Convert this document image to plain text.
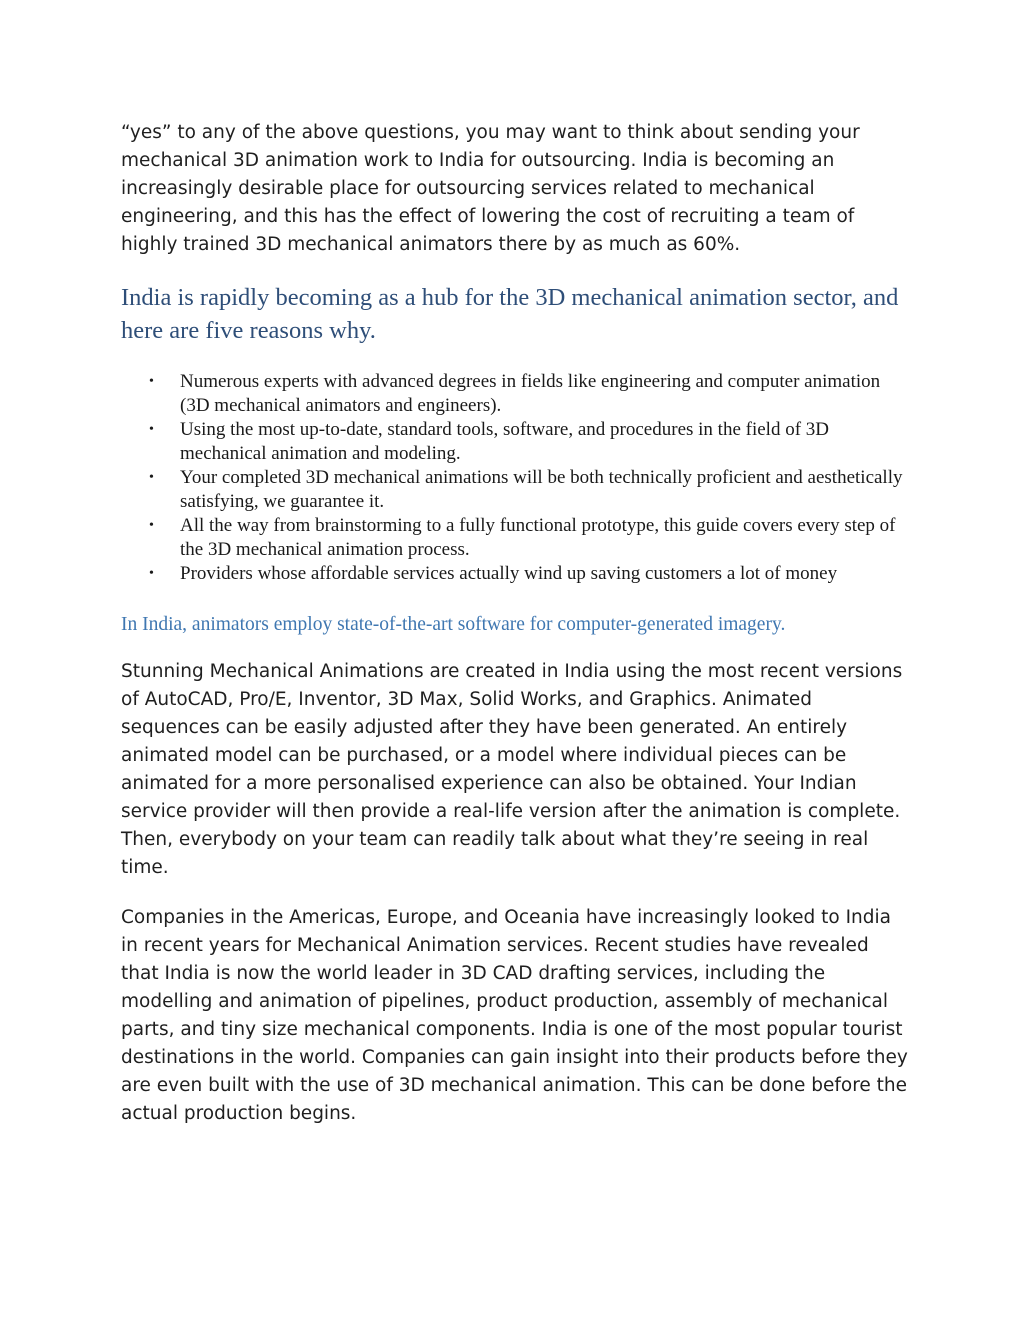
“yes” to any of the above questions, you may want to think about sending your mechanical 3D animation work to India for outsourcing. India is becoming an increasingly desirable place for outsourcing services related to mechanical engineering, and this has the effect of lowering the cost of recruiting a team of highly trained 3D mechanical animators there by as much as 60%.

India is rapidly becoming as a hub for the 3D mechanical animation sector, and here are five reasons why.
• Numerous experts with advanced degrees in fields like engineering and computer animation (3D mechanical animators and engineers).
• Using the most up-to-date, standard tools, software, and procedures in the field of 3D mechanical animation and modeling.
• Your completed 3D mechanical animations will be both technically proficient and aesthetically satisfying, we guarantee it.
• All the way from brainstorming to a fully functional prototype, this guide covers every step of the 3D mechanical animation process.
• Providers whose affordable services actually wind up saving customers a lot of money
In India, animators employ state-of-the-art software for computer-generated imagery.

Stunning Mechanical Animations are created in India using the most recent versions of AutoCAD, Pro/E, Inventor, 3D Max, Solid Works, and Graphics. Animated sequences can be easily adjusted after they have been generated. An entirely animated model can be purchased, or a model where individual pieces can be animated for a more personalised experience can also be obtained. Your Indian service provider will then provide a real-life version after the animation is complete. Then, everybody on your team can readily talk about what they’re seeing in real time.

Companies in the Americas, Europe, and Oceania have increasingly looked to India in recent years for Mechanical Animation services. Recent studies have revealed that India is now the world leader in 3D CAD drafting services, including the modelling and animation of pipelines, product production, assembly of mechanical parts, and tiny size mechanical components. India is one of the most popular tourist destinations in the world. Companies can gain insight into their products before they are even built with the use of 3D mechanical animation. This can be done before the actual production begins.
